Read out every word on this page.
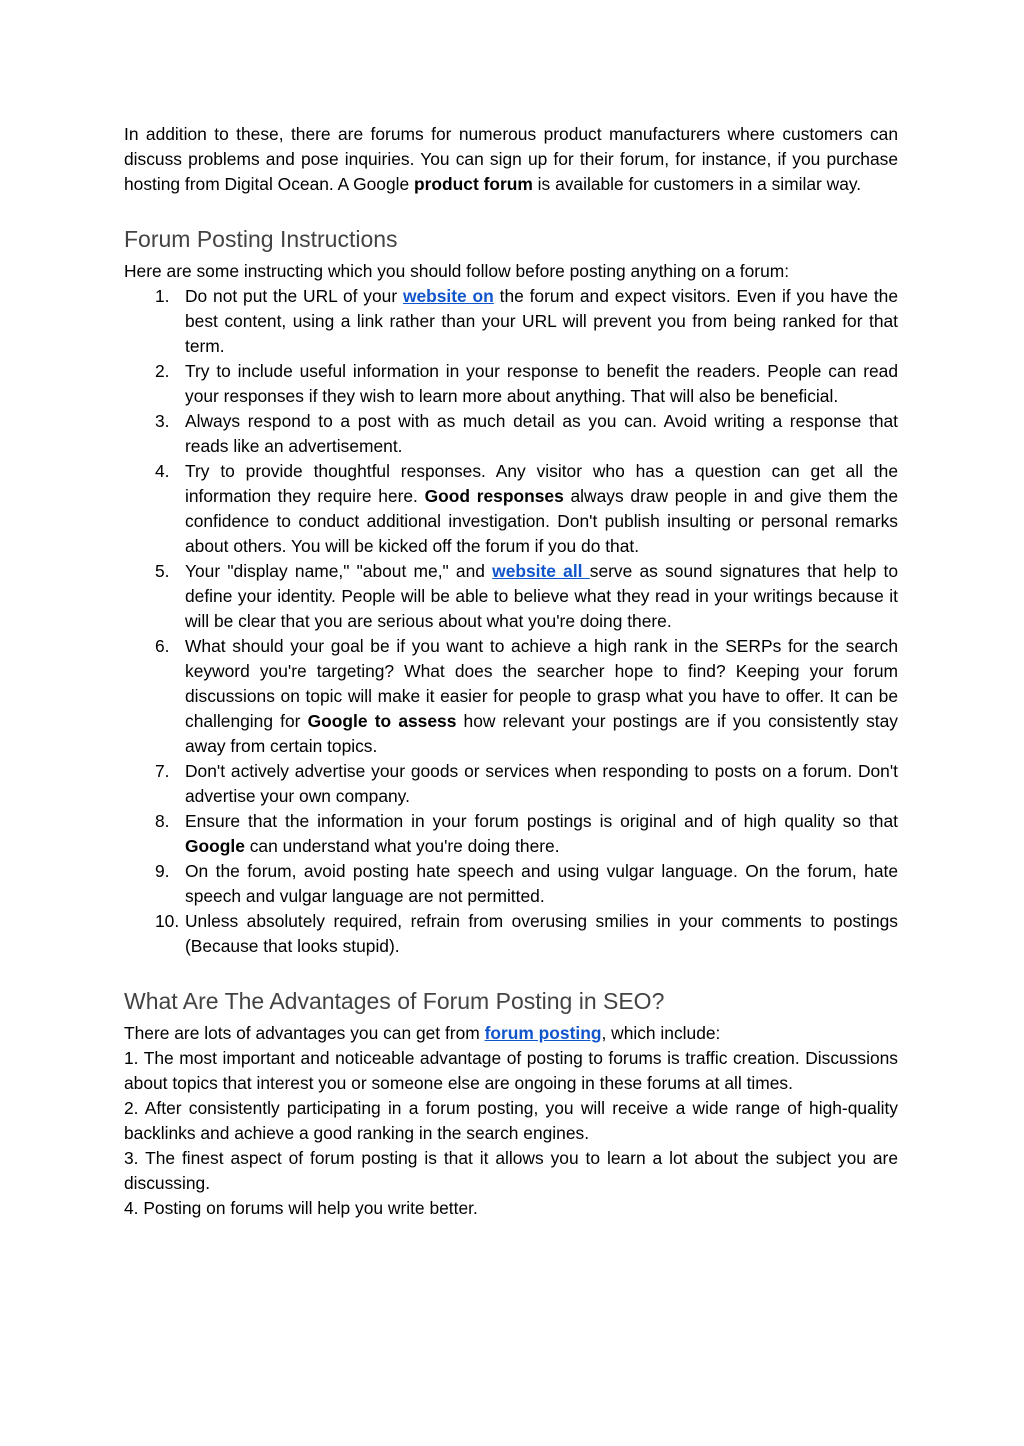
In addition to these, there are forums for numerous product manufacturers where customers can discuss problems and pose inquiries. You can sign up for their forum, for instance, if you purchase hosting from Digital Ocean. A Google product forum is available for customers in a similar way.

Forum Posting Instructions

Here are some instructing which you should follow before posting anything on a forum:

1. Do not put the URL of your website on the forum and expect visitors. Even if you have the best content, using a link rather than your URL will prevent you from being ranked for that term.
2. Try to include useful information in your response to benefit the readers. People can read your responses if they wish to learn more about anything. That will also be beneficial.
3. Always respond to a post with as much detail as you can. Avoid writing a response that reads like an advertisement.
4. Try to provide thoughtful responses. Any visitor who has a question can get all the information they require here. Good responses always draw people in and give them the confidence to conduct additional investigation. Don't publish insulting or personal remarks about others. You will be kicked off the forum if you do that.
5. Your "display name," "about me," and website all serve as sound signatures that help to define your identity. People will be able to believe what they read in your writings because it will be clear that you are serious about what you're doing there.
6. What should your goal be if you want to achieve a high rank in the SERPs for the search keyword you're targeting? What does the searcher hope to find? Keeping your forum discussions on topic will make it easier for people to grasp what you have to offer. It can be challenging for Google to assess how relevant your postings are if you consistently stay away from certain topics.
7. Don't actively advertise your goods or services when responding to posts on a forum. Don't advertise your own company.
8. Ensure that the information in your forum postings is original and of high quality so that Google can understand what you're doing there.
9. On the forum, avoid posting hate speech and using vulgar language. On the forum, hate speech and vulgar language are not permitted.
10. Unless absolutely required, refrain from overusing smilies in your comments to postings (Because that looks stupid).
What Are The Advantages of Forum Posting in SEO?

There are lots of advantages you can get from forum posting, which include:

1. The most important and noticeable advantage of posting to forums is traffic creation. Discussions about topics that interest you or someone else are ongoing in these forums at all times.

2. After consistently participating in a forum posting, you will receive a wide range of high-quality backlinks and achieve a good ranking in the search engines.

3. The finest aspect of forum posting is that it allows you to learn a lot about the subject you are discussing.

4. Posting on forums will help you write better.
